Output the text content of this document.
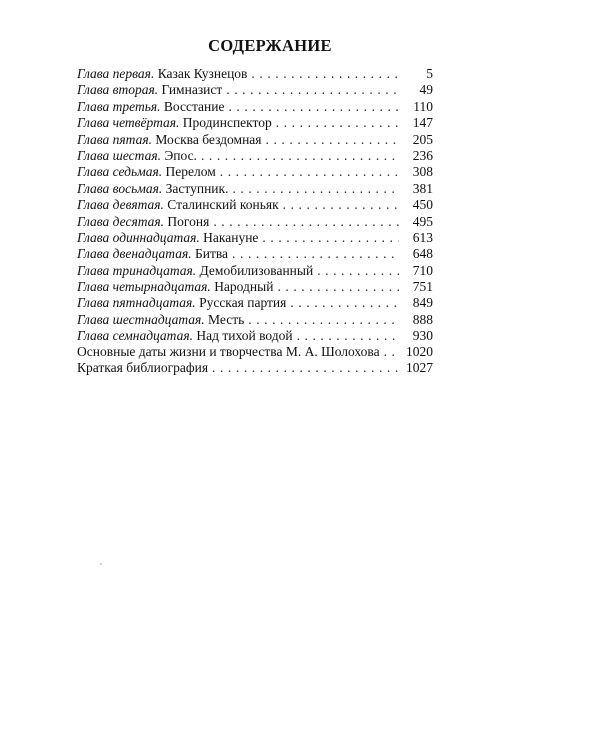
СОДЕРЖАНИЕ
Глава первая. Казак Кузнецов . . .	5
Глава вторая. Гимназист . . .	49
Глава третья. Восстание . . .	110
Глава четвёртая. Продинспектор . . .	147
Глава пятая. Москва бездомная . . .	205
Глава шестая. Эпос. . . .	236
Глава седьмая. Перелом . . .	308
Глава восьмая. Заступник. . . .	381
Глава девятая. Сталинский коньяк . . .	450
Глава десятая. Погоня . . .	495
Глава одиннадцатая. Накануне . . .	613
Глава двенадцатая. Битва . . .	648
Глава тринадцатая. Демобилизованный . . .	710
Глава четырнадцатая. Народный . . .	751
Глава пятнадцатая. Русская партия . . .	849
Глава шестнадцатая. Месть . . .	888
Глава семнадцатая. Над тихой водой . . .	930
Основные даты жизни и творчества М. А. Шолохова . . . 1020
Краткая библиография . . .	1027
